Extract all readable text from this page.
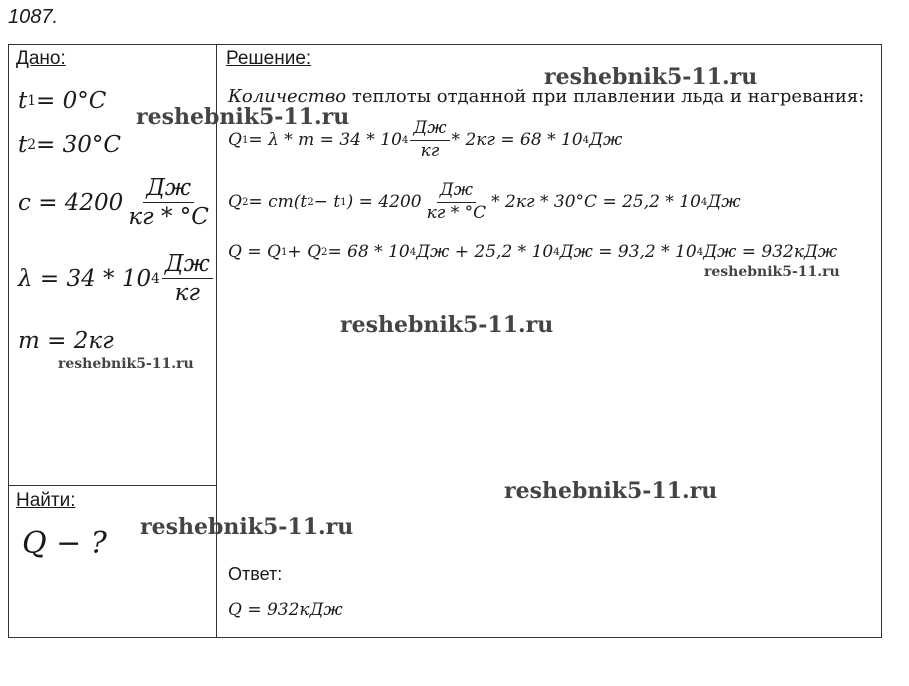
1087.
Дано:
t 1 = 0°C
t 2 = 30°C
$c = 4200 \frac{Дж}{кг * ^\circ C}$
λ = 34 * 10 $4 \frac{Дж}{кг}$
m = 2кг
Найти:
Q − ?
Решение:
Количество теплоты отданной при плавлении льда и нагревания:
Q 1 = λ * m = 34 * 10 $4 \frac{Дж}{кг} * 2кг = 68 * 10$ 4 Дж
Q 2 = cm(t 2 − t 1 ) = $4200 \frac{Дж}{кг * ^\circ C} * 2кг * 30^\circ C = 25,2 * 10$ 4 Дж
Q = Q 1 + Q 2 = 68 * 10 4 Дж + 25,2 * 10 4 Дж = 93,2 * 10 4 Дж = 932кДж
Ответ:
Q = 932кДж
reshebnik5-11.ru
reshebnik5-11.ru
reshebnik5-11.ru
reshebnik5-11.ru
reshebnik5-11.ru
reshebnik5-11.ru
reshebnik5-11.ru
